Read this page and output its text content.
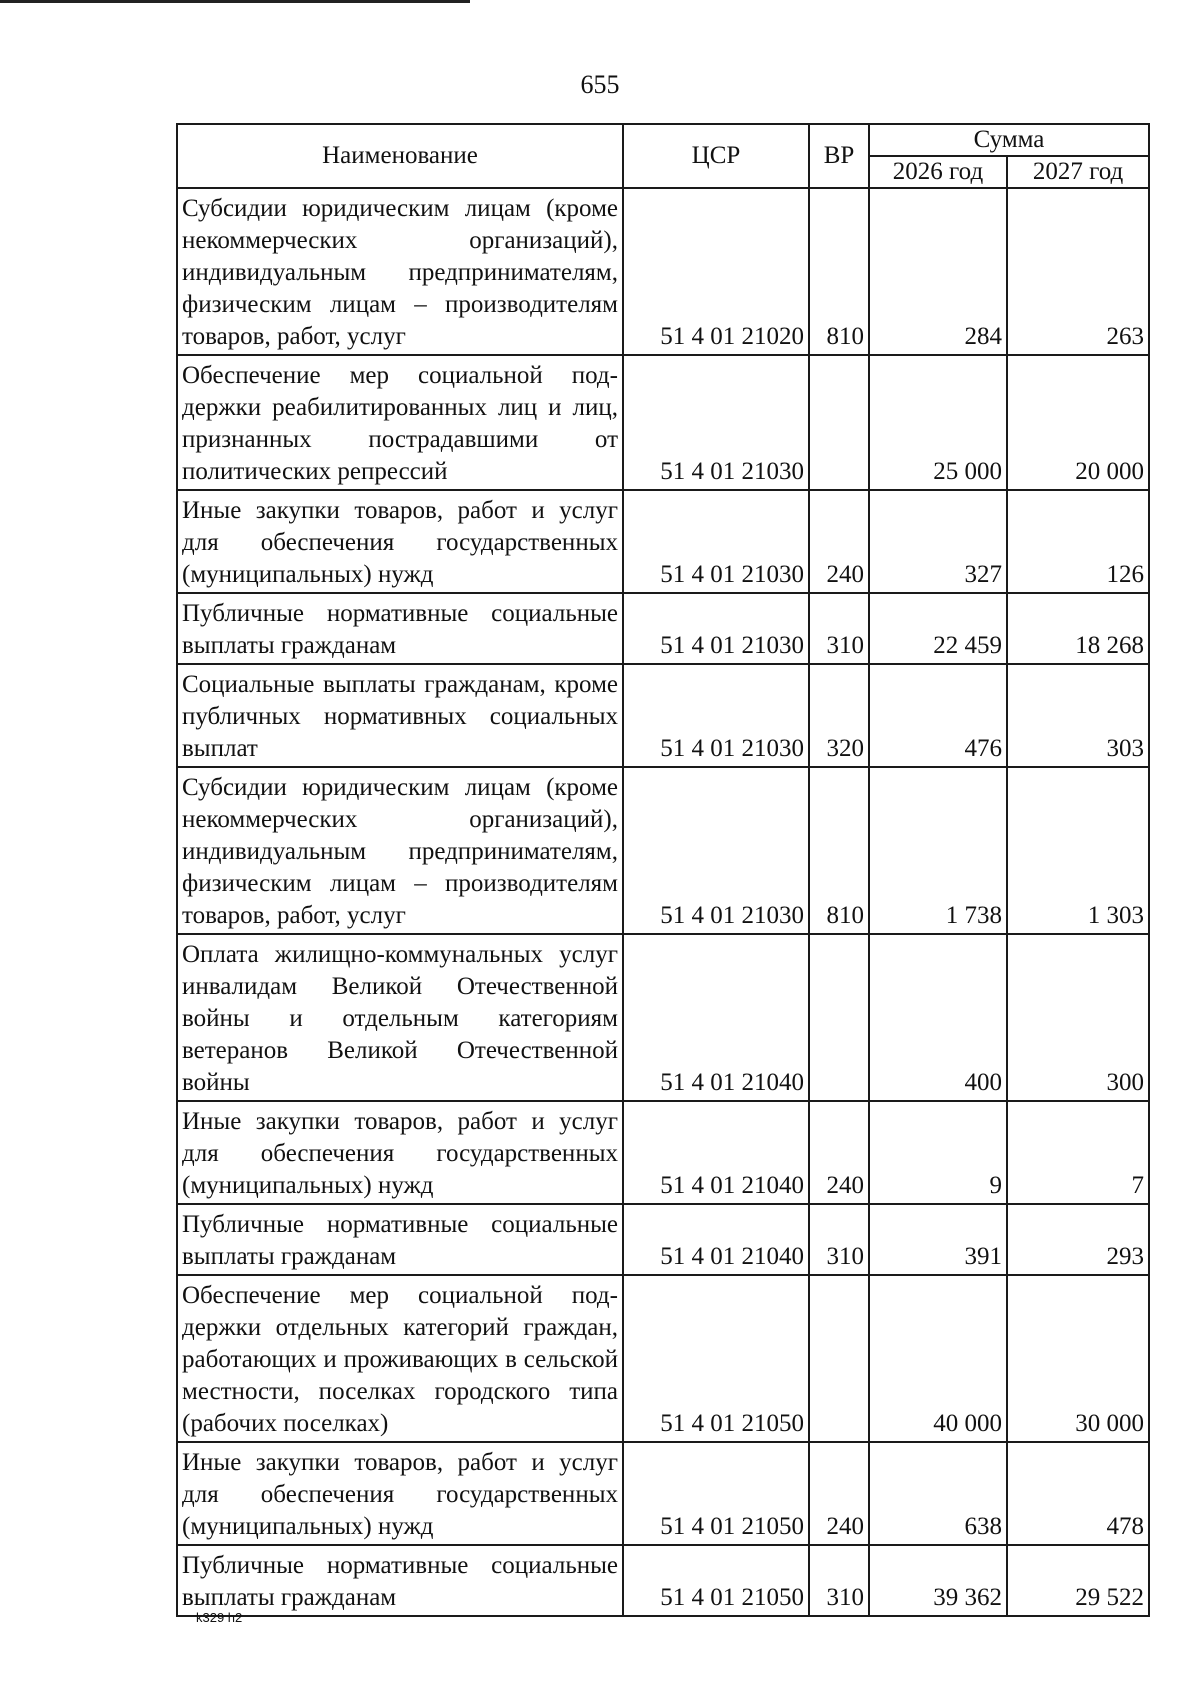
655
Наименование	ЦСР	ВР	Сумма	
			2026 год	2027 год
Субсидии юридическим лицам (кроме некоммерческих организаций), индивидуальным предпринимателям, физическим лицам – производителям товаров, работ, услуг	51 4 01 21020	810	284	263
Обеспечение мер социальной поддержки реабилитированных лиц и лиц, признанных пострадавшими от политических репрессий	51 4 01 21030		25 000	20 000
Иные закупки товаров, работ и услуг для обеспечения государственных (муниципальных) нужд	51 4 01 21030	240	327	126
Публичные нормативные социальные выплаты гражданам	51 4 01 21030	310	22 459	18 268
Социальные выплаты гражданам, кроме публичных нормативных социальных выплат	51 4 01 21030	320	476	303
Субсидии юридическим лицам (кроме некоммерческих организаций), индивидуальным предпринимателям, физическим лицам – производителям товаров, работ, услуг	51 4 01 21030	810	1 738	1 303
Оплата жилищно-коммунальных услуг инвалидам Великой Отечественной войны и отдельным категориям ветеранов Великой Отечественной войны	51 4 01 21040		400	300
Иные закупки товаров, работ и услуг для обеспечения государственных (муниципальных) нужд	51 4 01 21040	240	9	7
Публичные нормативные социальные выплаты гражданам	51 4 01 21040	310	391	293
Обеспечение мер социальной поддержки отдельных категорий граждан, работающих и проживающих в сельской местности, поселках городского типа (рабочих поселках)	51 4 01 21050		40 000	30 000
Иные закупки товаров, работ и услуг для обеспечения государственных (муниципальных) нужд	51 4 01 21050	240	638	478
Публичные нормативные социальные выплаты гражданам	51 4 01 21050	310	39 362	29 522
k329 h2
